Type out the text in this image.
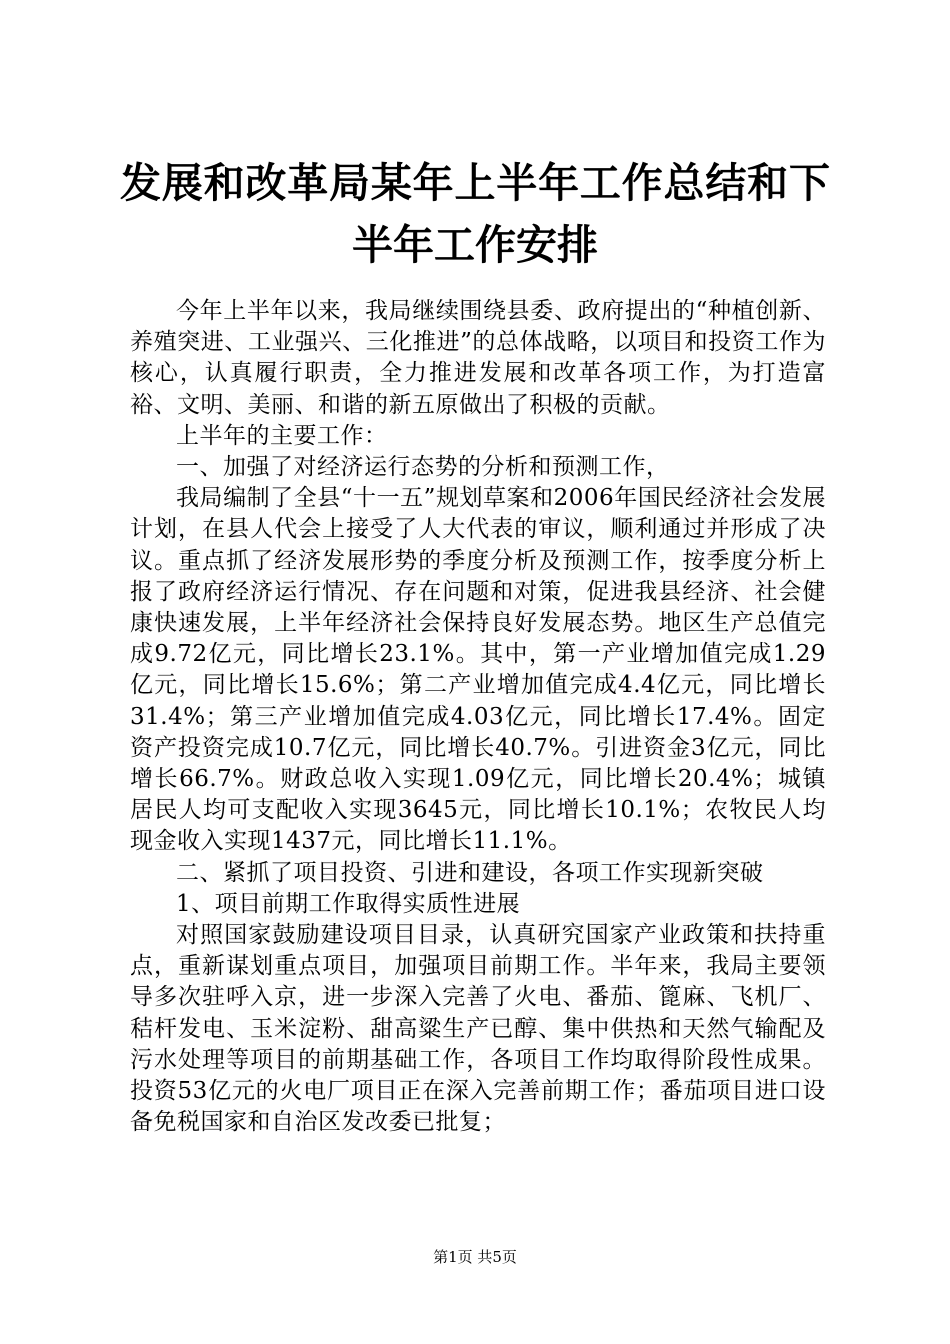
发展和改革局某年上半年工作总结和下半年工作安排

今年上半年以来，我局继续围绕县委、政府提出的“种植创新、养殖突进、工业强兴、三化推进”的总体战略，以项目和投资工作为核心，认真履行职责，全力推进发展和改革各项工作，为打造富裕、文明、美丽、和谐的新五原做出了积极的贡献。

上半年的主要工作：

一、加强了对经济运行态势的分析和预测工作，

我局编制了全县“十一五”规划草案和2006年国民经济社会发展计划，在县人代会上接受了人大代表的审议，顺利通过并形成了决议。重点抓了经济发展形势的季度分析及预测工作，按季度分析上报了政府经济运行情况、存在问题和对策，促进我县经济、社会健康快速发展，上半年经济社会保持良好发展态势。地区生产总值完成9.72亿元，同比增长23.1%。其中，第一产业增加值完成1.29亿元，同比增长15.6%；第二产业增加值完成4.4亿元，同比增长31.4%；第三产业增加值完成4.03亿元，同比增长17.4%。固定资产投资完成10.7亿元，同比增长40.7%。引进资金3亿元，同比增长66.7%。财政总收入实现1.09亿元，同比增长20.4%；城镇居民人均可支配收入实现3645元，同比增长10.1%；农牧民人均现金收入实现1437元，同比增长11.1%。

二、紧抓了项目投资、引进和建设，各项工作实现新突破

1、项目前期工作取得实质性进展

对照国家鼓励建设项目目录，认真研究国家产业政策和扶持重点，重新谋划重点项目，加强项目前期工作。半年来，我局主要领导多次驻呼入京，进一步深入完善了火电、番茄、篦麻、飞机厂、秸杆发电、玉米淀粉、甜高粱生产已醇、集中供热和天然气输配及污水处理等项目的前期基础工作，各项目工作均取得阶段性成果。投资53亿元的火电厂项目正在深入完善前期工作；番茄项目进口设备免税国家和自治区发改委已批复；

第1页 共5页
